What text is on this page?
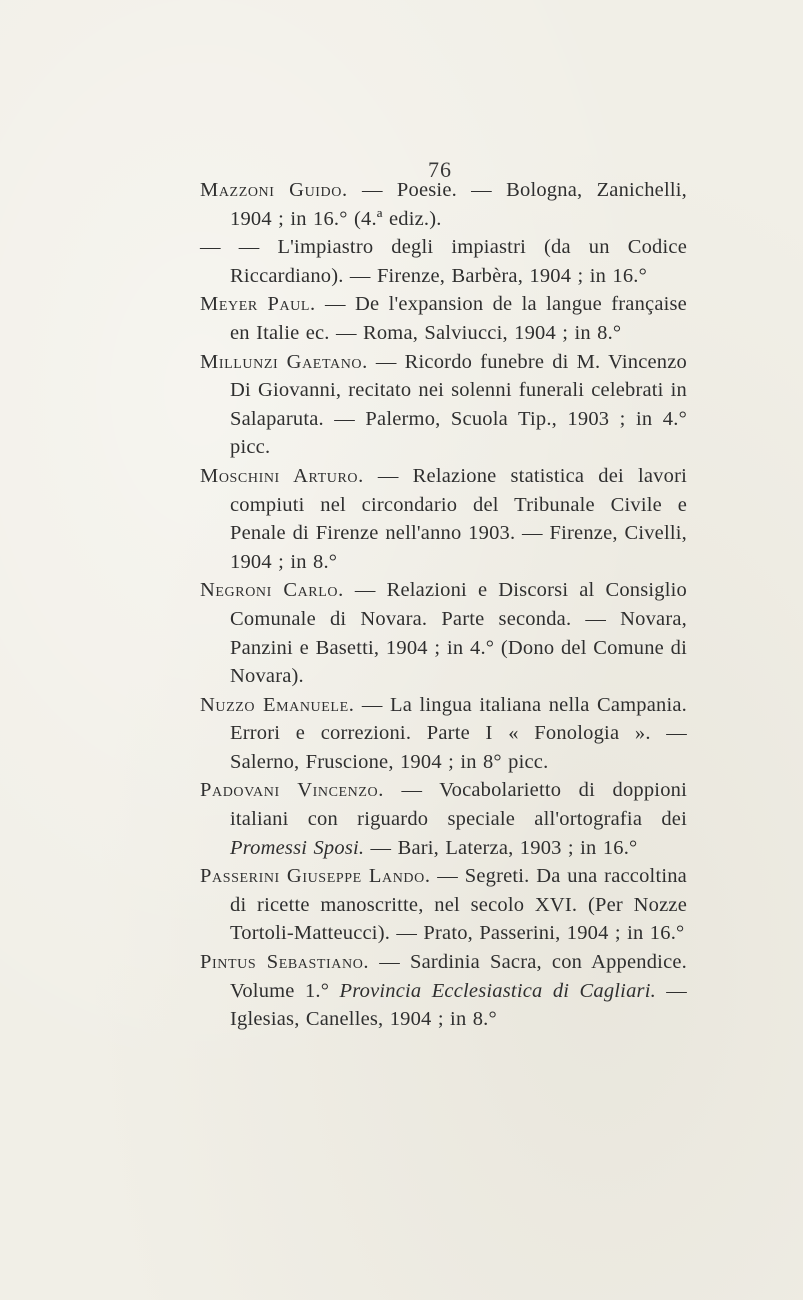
76

Mazzoni Guido. — Poesie. — Bologna, Zanichelli, 1904 ; in 16.° (4.ª ediz.).

— — L'impiastro degli impiastri (da un Codice Riccardiano). — Firenze, Barbèra, 1904 ; in 16.°

Meyer Paul. — De l'expansion de la langue française en Italie ec. — Roma, Salviucci, 1904 ; in 8.°

Millunzi Gaetano. — Ricordo funebre di M. Vincenzo Di Giovanni, recitato nei solenni funerali celebrati in Salaparuta. — Palermo, Scuola Tip., 1903 ; in 4.° picc.

Moschini Arturo. — Relazione statistica dei lavori compiuti nel circondario del Tribunale Civile e Penale di Firenze nell'anno 1903. — Firenze, Civelli, 1904 ; in 8.°

Negroni Carlo. — Relazioni e Discorsi al Consiglio Comunale di Novara. Parte seconda. — Novara, Panzini e Basetti, 1904 ; in 4.° (Dono del Comune di Novara).

Nuzzo Emanuele. — La lingua italiana nella Campania. Errori e correzioni. Parte I « Fonologia ». — Salerno, Fruscione, 1904 ; in 8° picc.

Padovani Vincenzo. — Vocabolarietto di doppioni italiani con riguardo speciale all'ortografia dei Promessi Sposi. — Bari, Laterza, 1903 ; in 16.°

Passerini Giuseppe Lando. — Segreti. Da una raccoltina di ricette manoscritte, nel secolo XVI. (Per Nozze Tortoli-Matteucci). — Prato, Passerini, 1904 ; in 16.°

Pintus Sebastiano. — Sardinia Sacra, con Appendice. Volume 1.° Provincia Ecclesiastica di Cagliari. — Iglesias, Canelles, 1904 ; in 8.°
